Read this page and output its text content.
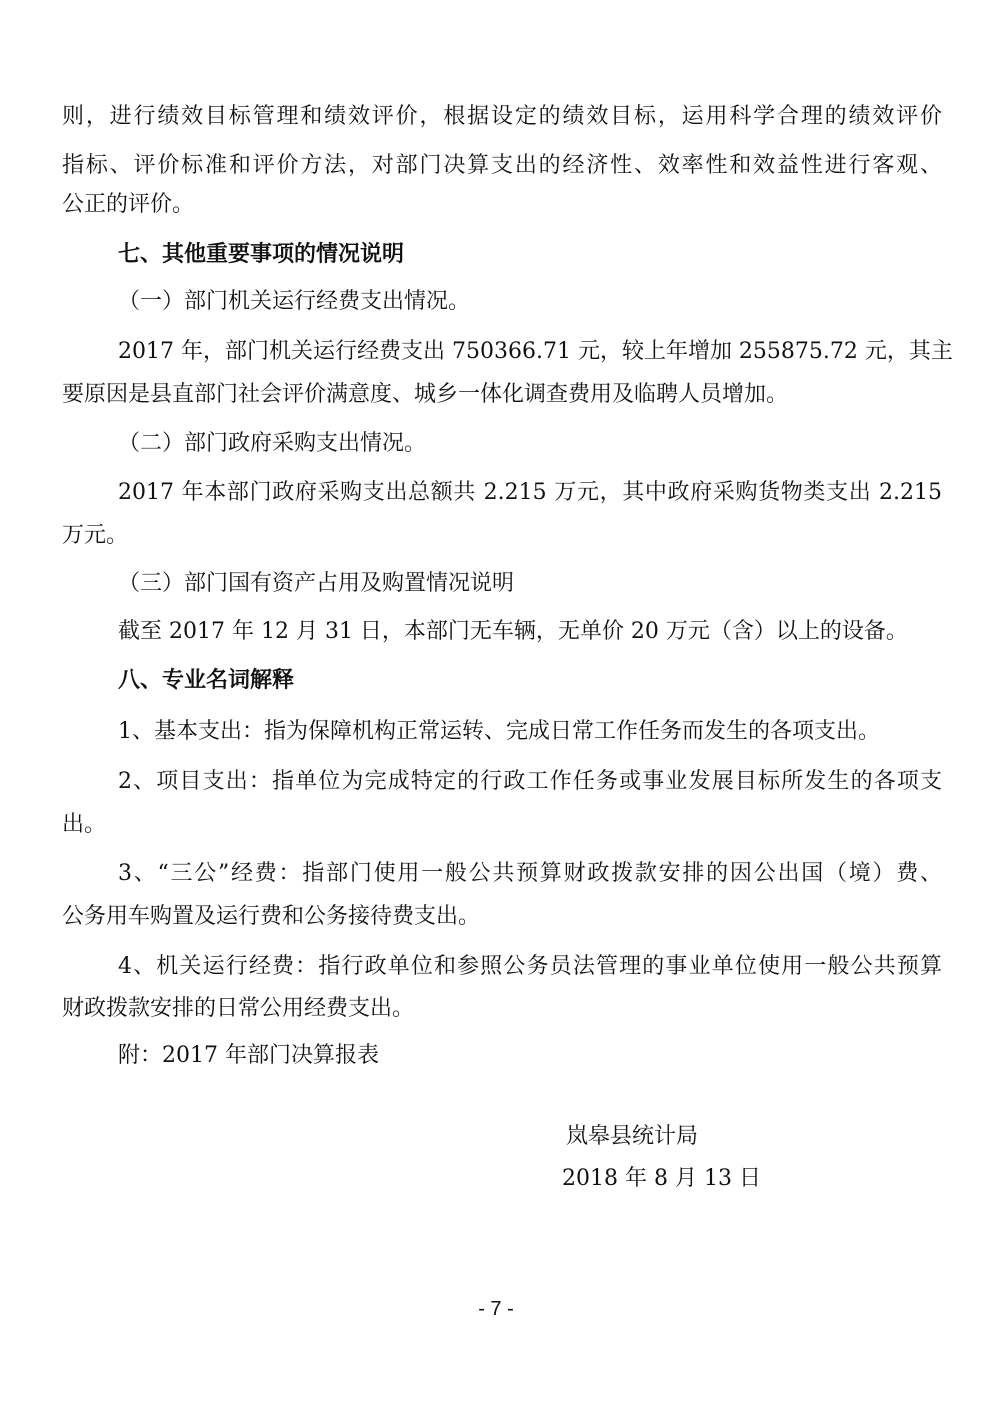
则，进行绩效目标管理和绩效评价，根据设定的绩效目标，运用科学合理的绩效评价
指标、评价标准和评价方法，对部门决算支出的经济性、效率性和效益性进行客观、
公正的评价。
七、其他重要事项的情况说明
（一）部门机关运行经费支出情况。
2017 年，部门机关运行经费支出 750366.71 元，较上年增加 255875.72 元，其主
要原因是县直部门社会评价满意度、城乡一体化调查费用及临聘人员增加。
（二）部门政府采购支出情况。
2017 年本部门政府采购支出总额共 2.215 万元，其中政府采购货物类支出 2.215
万元。
（三）部门国有资产占用及购置情况说明
截至 2017 年 12 月 31 日，本部门无车辆，无单价 20 万元（含）以上的设备。
八、专业名词解释
1、基本支出：指为保障机构正常运转、完成日常工作任务而发生的各项支出。
2、项目支出：指单位为完成特定的行政工作任务或事业发展目标所发生的各项支
出。
3、“三公”经费：指部门使用一般公共预算财政拨款安排的因公出国（境）费、
公务用车购置及运行费和公务接待费支出。
4、机关运行经费：指行政单位和参照公务员法管理的事业单位使用一般公共预算
财政拨款安排的日常公用经费支出。
附：2017 年部门决算报表
岚皋县统计局
2018 年 8 月 13 日
- 7 -
